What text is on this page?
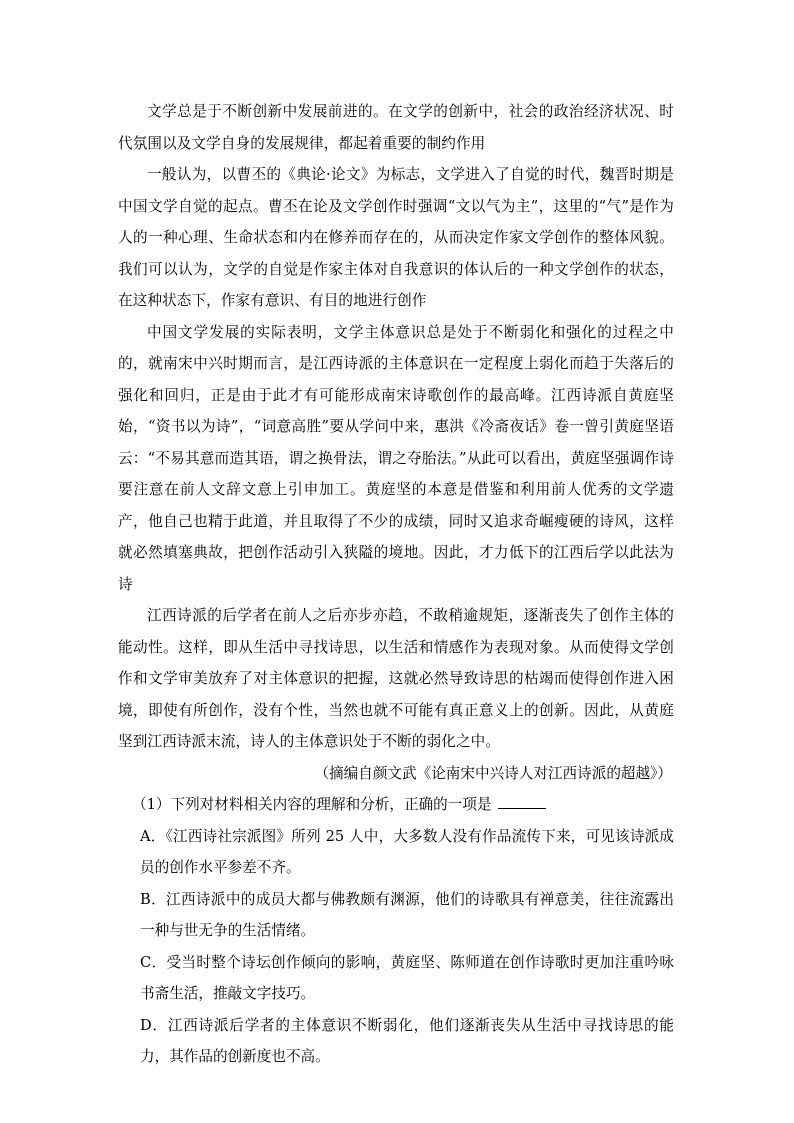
文学总是于不断创新中发展前进的。在文学的创新中，社会的政治经济状况、时代氛围以及文学自身的发展规律，都起着重要的制约作用

一般认为，以曹丕的《典论·论文》为标志，文学进入了自觉的时代，魏晋时期是中国文学自觉的起点。曹丕在论及文学创作时强调“文以气为主”，这里的“气”是作为人的一种心理、生命状态和内在修养而存在的，从而决定作家文学创作的整体风貌。我们可以认为，文学的自觉是作家主体对自我意识的体认后的一种文学创作的状态，在这种状态下，作家有意识、有目的地进行创作

中国文学发展的实际表明，文学主体意识总是处于不断弱化和强化的过程之中的，就南宋中兴时期而言，是江西诗派的主体意识在一定程度上弱化而趋于失落后的强化和回归，正是由于此才有可能形成南宋诗歌创作的最高峰。江西诗派自黄庭坚始，“资书以为诗”，“词意高胜”要从学问中来，惠洪《冷斋夜话》卷一曾引黄庭坚语云：“不易其意而造其语，谓之换骨法，谓之夺胎法。”从此可以看出，黄庭坚强调作诗要注意在前人文辞文意上引申加工。黄庭坚的本意是借鉴和利用前人优秀的文学遗产，他自己也精于此道，并且取得了不少的成绩，同时又追求奇崛瘦硬的诗风，这样就必然填塞典故，把创作活动引入狭隘的境地。因此，才力低下的江西后学以此法为诗

江西诗派的后学者在前人之后亦步亦趋，不敢稍逾规矩，逐渐丧失了创作主体的能动性。这样，即从生活中寻找诗思，以生活和情感作为表现对象。从而使得文学创作和文学审美放弃了对主体意识的把握，这就必然导致诗思的枯竭而使得创作进入困境，即使有所创作，没有个性，当然也就不可能有真正意义上的创新。因此，从黄庭坚到江西诗派末流，诗人的主体意识处于不断的弱化之中。

（摘编自颜文武《论南宋中兴诗人对江西诗派的超越》）

（1）下列对材料相关内容的理解和分析，正确的一项是

A．《江西诗社宗派图》所列 25 人中，大多数人没有作品流传下来，可见该诗派成员的创作水平参差不齐。

B．江西诗派中的成员大都与佛教颇有渊源，他们的诗歌具有禅意美，往往流露出一种与世无争的生活情绪。

C．受当时整个诗坛创作倾向的影响，黄庭坚、陈师道在创作诗歌时更加注重吟咏书斋生活，推敲文字技巧。

D．江西诗派后学者的主体意识不断弱化，他们逐渐丧失从生活中寻找诗思的能力，其作品的创新度也不高。
